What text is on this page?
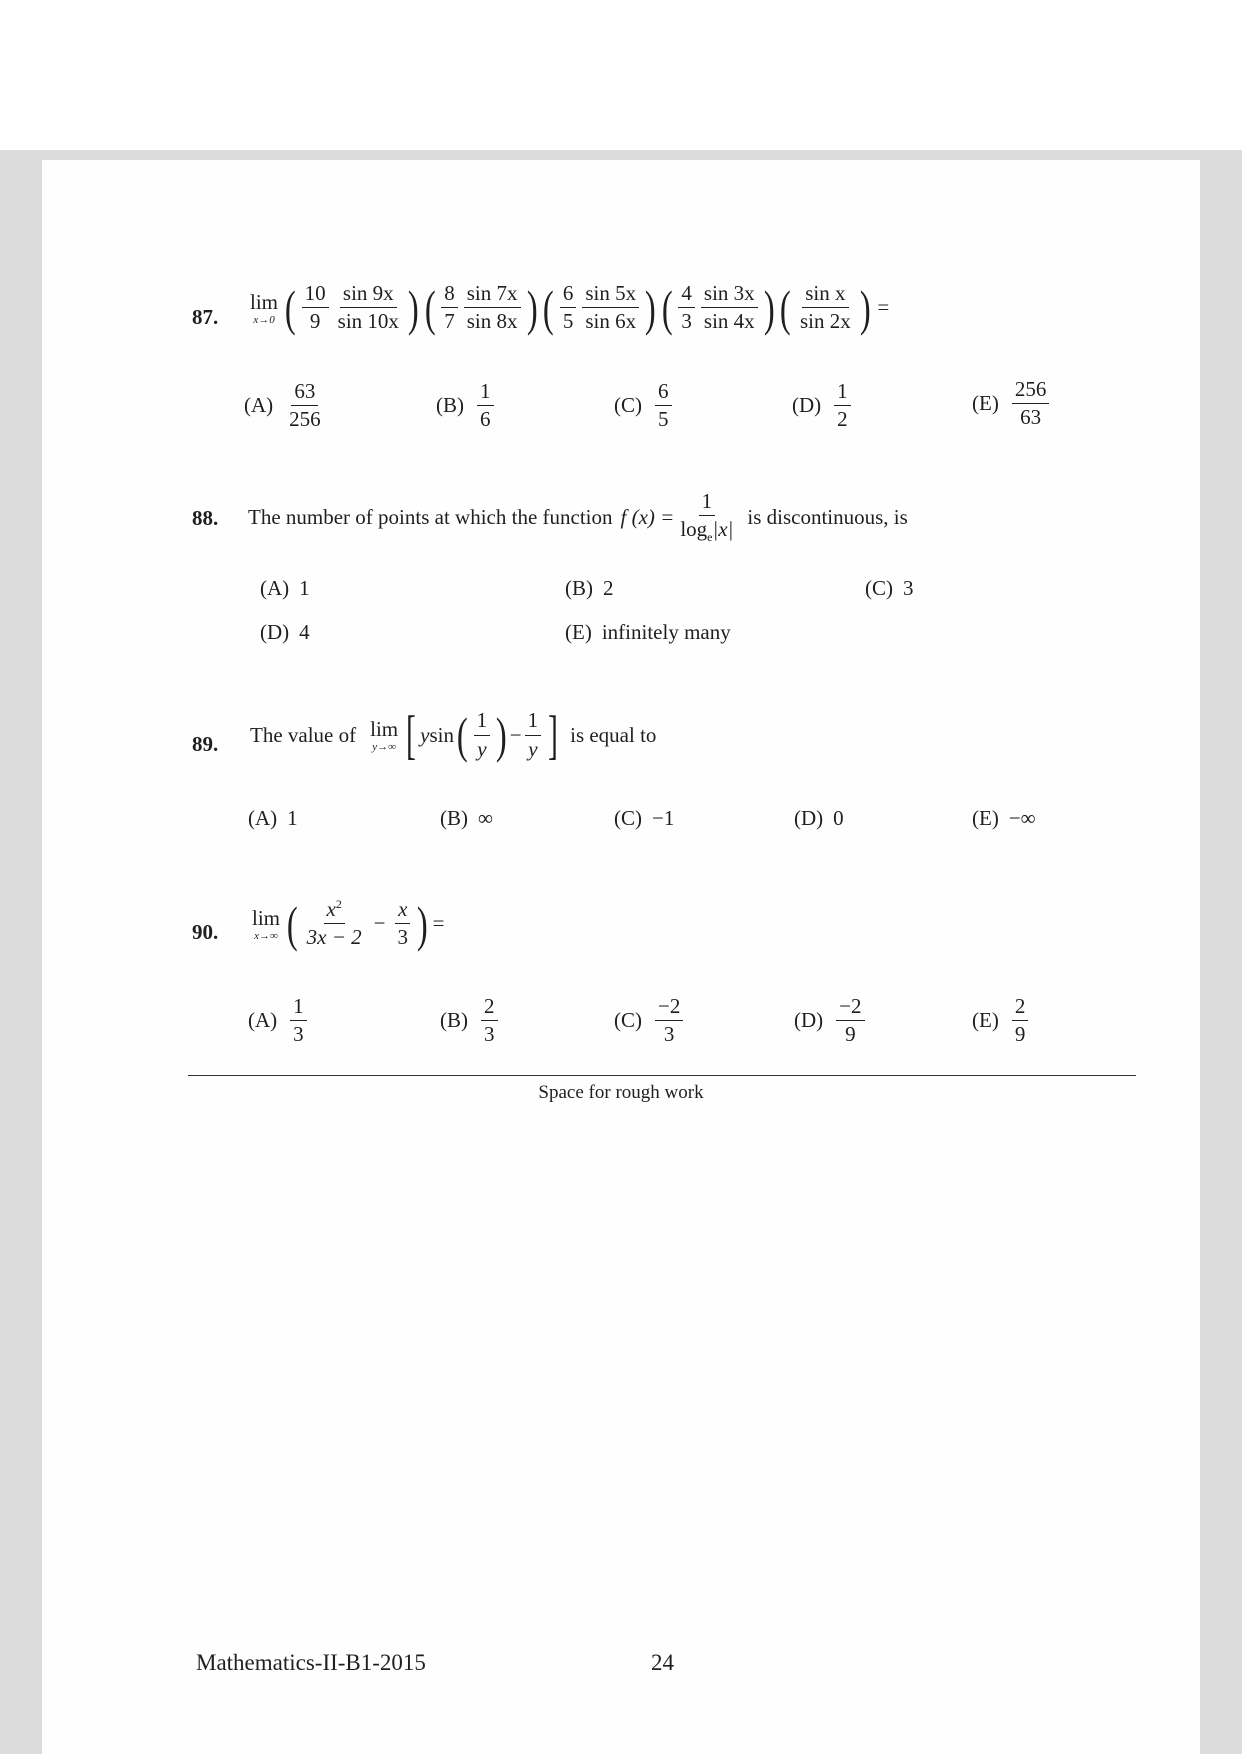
87.
lim
x→0 ( $\frac{10}{9} \frac{\sin 9x}{\sin 10x}$ ) ( $\frac{8}{7} \frac{\sin 7x}{\sin 8x}$ ) ( $\frac{6}{5} \frac{\sin 5x}{\sin 6x}$ ) ( $\frac{4}{3} \frac{\sin 3x}{\sin 4x}$ ) ( $\frac{\text{sin x}}{\sin 2x}$ ) =
$(A) \frac{63}{256}$	$(B) \frac{1}{6}$	$(C) \frac{6}{5}$	$(D) \frac{1}{2}$	$(E) \frac{256}{63}$
88. The number of points at which the function f $(x) = \frac{1}{\log_e|x|}$ is discontinuous, is
(A) 1	(B) 2	(C) 3
(D) 4	(E) infinitely many
89. The value of lim
y→∞ [ y sin ( $\frac{1}{y}$ ) − $\frac{1}{y}$ ] is equal to
(A) 1	(B) ∞	(C) −1	(D) 0	(E) −∞
90.
lim
x→∞ ( $\frac{x^2}{3x - 2} - \frac{x}{3}$ ) =
$(A) \frac{1}{3}$	$(B) \frac{2}{3}$	$(C) \frac{-2}{3}$	$(D) \frac{-2}{9}$	$(E) \frac{2}{9}$
Space for rough work
Mathematics-II-B1-2015	24
